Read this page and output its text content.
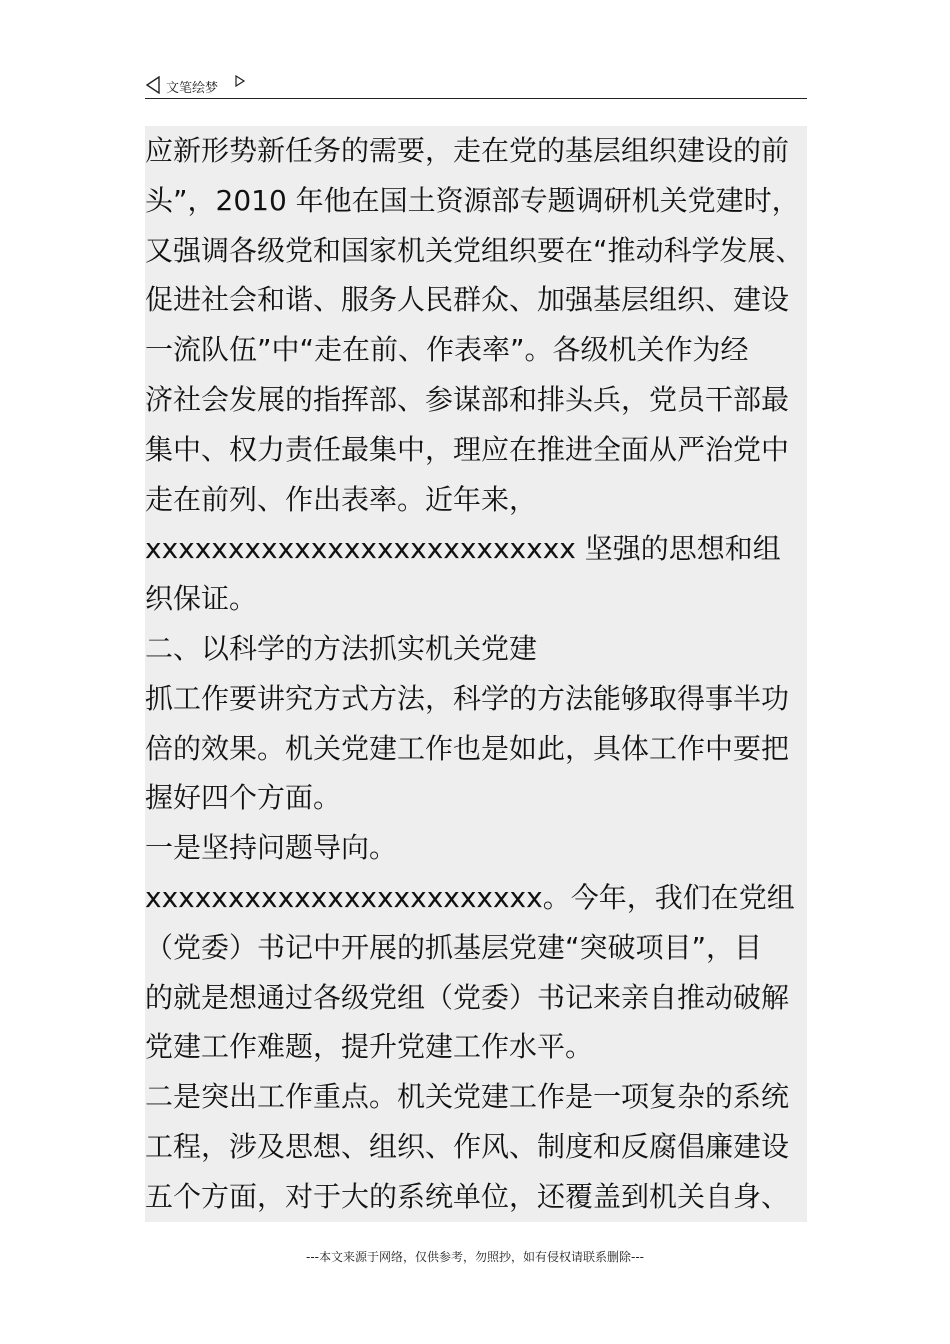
文笔绘梦
应新形势新任务的需要，走在党的基层组织建设的前
头”，2010 年他在国土资源部专题调研机关党建时，
又强调各级党和国家机关党组织要在“推动科学发展、
促进社会和谐、服务人民群众、加强基层组织、建设
一流队伍”中“走在前、作表率”。各级机关作为经
济社会发展的指挥部、参谋部和排头兵，党员干部最
集中、权力责任最集中，理应在推进全面从严治党中
走在前列、作出表率。近年来，
xxxxxxxxxxxxxxxxxxxxxxxxxx 坚强的思想和组
织保证。
二、以科学的方法抓实机关党建
抓工作要讲究方式方法，科学的方法能够取得事半功
倍的效果。机关党建工作也是如此，具体工作中要把
握好四个方面。
一是坚持问题导向。
xxxxxxxxxxxxxxxxxxxxxxxx。今年，我们在党组
（党委）书记中开展的抓基层党建“突破项目”，目
的就是想通过各级党组（党委）书记来亲自推动破解
党建工作难题，提升党建工作水平。
二是突出工作重点。机关党建工作是一项复杂的系统
工程，涉及思想、组织、作风、制度和反腐倡廉建设
五个方面，对于大的系统单位，还覆盖到机关自身、
---本文来源于网络，仅供参考，勿照抄，如有侵权请联系删除---
